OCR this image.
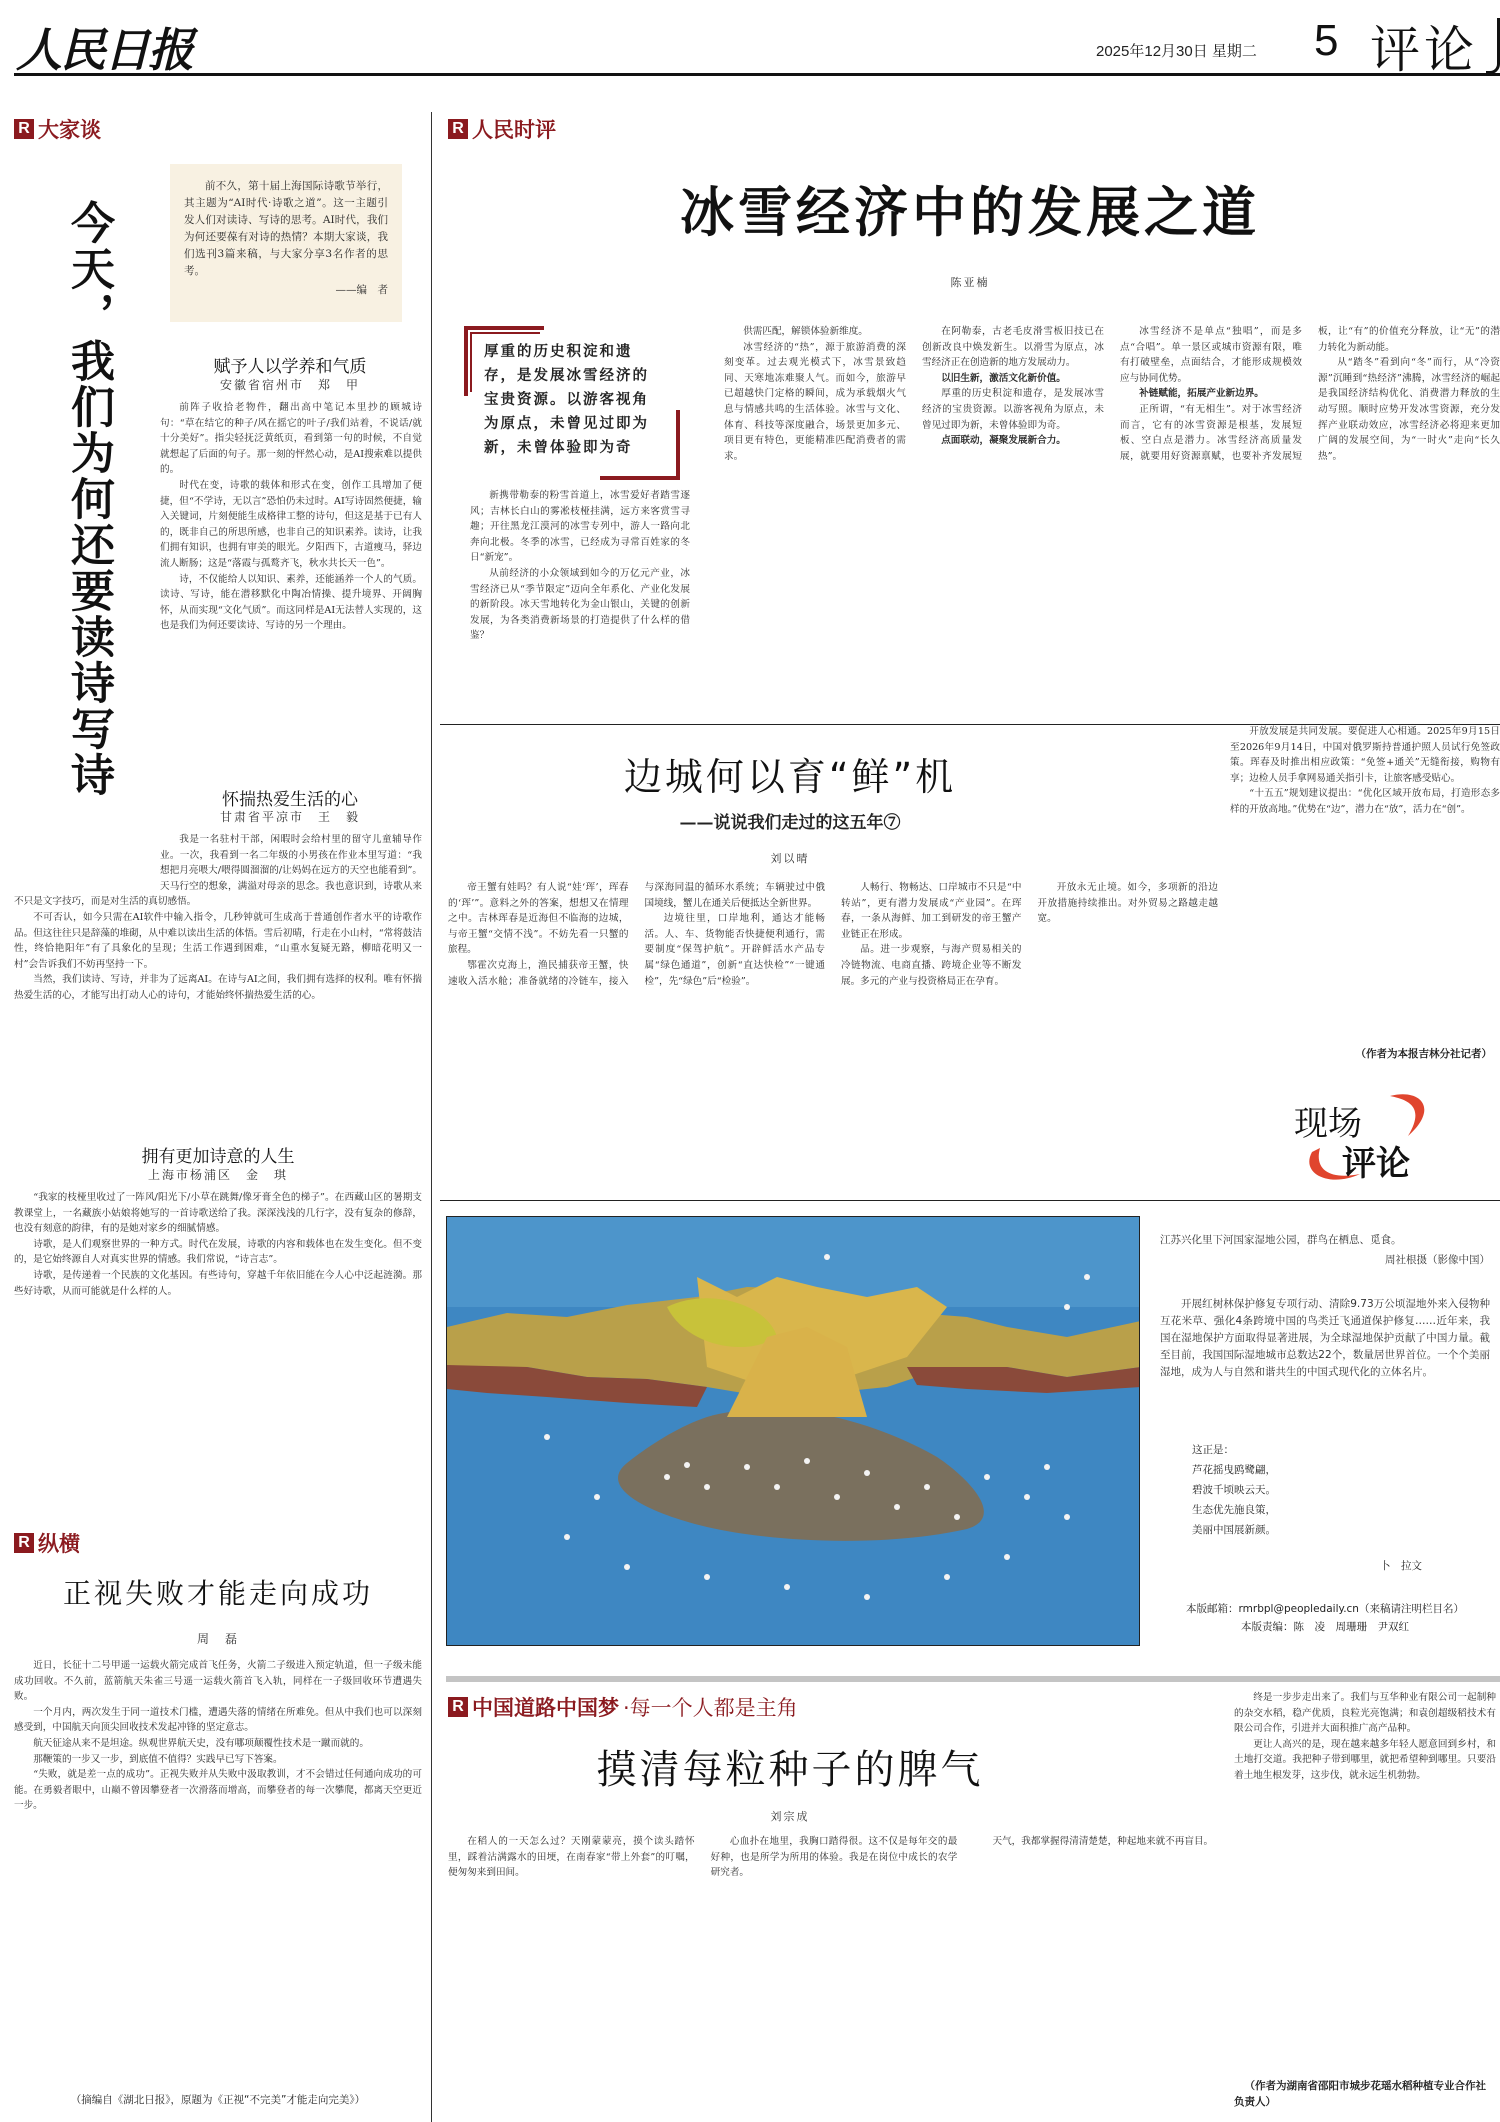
人民日报	2025年12月30日 星期二 5 评论
R 大家谈
今天，我们为何还要读诗写诗

前不久，第十届上海国际诗歌节举行，其主题为“AI时代·诗歌之道”。这一主题引发人们对读诗、写诗的思考。AI时代，我们为何还要葆有对诗的热情？本期大家谈，我们选刊3篇来稿，与大家分享3名作者的思考。

——编　者
赋予人以学养和气质
安徽省宿州市　郑　甲

前阵子收拾老物件，翻出高中笔记本里抄的顾城诗句：“草在结它的种子/风在摇它的叶子/我们站着，不说话/就十分美好”。指尖轻抚泛黄纸页，看到第一句的时候，不自觉就想起了后面的句子。那一刻的怦然心动，是AI搜索难以提供的。

时代在变，诗歌的载体和形式在变，创作工具增加了便捷，但“不学诗，无以言”恐怕仍未过时。AI写诗固然便捷，输入关键词，片刻便能生成格律工整的诗句，但这是基于已有人的，既非自己的所思所感，也非自己的知识素养。读诗，让我们拥有知识，也拥有审美的眼光。夕阳西下，古道瘦马，驿边流人断肠；这是“落霞与孤鹜齐飞，秋水共长天一色”。

诗，不仅能给人以知识、素养，还能涵养一个人的气质。读诗、写诗，能在潜移默化中陶冶情操、提升境界、开阔胸怀，从而实现“文化气质”。而这同样是AI无法替人实现的，这也是我们为何还要读诗、写诗的另一个理由。

怀揣热爱生活的心
甘肃省平凉市　王　毅

我是一名驻村干部，闲暇时会给村里的留守儿童辅导作业。一次，我看到一名二年级的小男孩在作业本里写道：“我想把月亮喂大/喂得圆溜溜的/让妈妈在远方的天空也能看到”。天马行空的想象，满溢对母亲的思念。我也意识到，诗歌从来不只是文字技巧，而是对生活的真切感悟。

不可否认，如今只需在AI软件中输入指令，几秒钟就可生成高于普通创作者水平的诗歌作品。但这往往只是辞藻的堆砌，从中难以读出生活的体悟。雪后初晴，行走在小山村，“常将鼓洁性，终恰艳阳年”有了具象化的呈现；生活工作遇到困难，“山重水复疑无路，柳暗花明又一村”会告诉我们不妨再坚持一下。

当然，我们读诗、写诗，并非为了远离AI。在诗与AI之间，我们拥有选择的权利。唯有怀揣热爱生活的心，才能写出打动人心的诗句，才能始终怀揣热爱生活的心。

拥有更加诗意的人生
上海市杨浦区　金　琪

“我家的枝桠里收过了一阵风/阳光下/小草在跳舞/像牙膏全色的梯子”。在西藏山区的暑期支教课堂上，一名藏族小姑娘将她写的一首诗歌送给了我。深深浅浅的几行字，没有复杂的修辞，也没有刻意的韵律，有的是她对家乡的细腻情感。

诗歌，是人们观察世界的一种方式。时代在发展，诗歌的内容和载体也在发生变化。但不变的，是它始终源自人对真实世界的情感。我们常说，“诗言志”。

诗歌，是传递着一个民族的文化基因。有些诗句，穿越千年依旧能在今人心中泛起涟漪。那些好诗歌，从而可能就是什么样的人。

R 纵横
正视失败才能走向成功
周　磊

近日，长征十二号甲遥一运载火箭完成首飞任务，火箭二子级进入预定轨道，但一子级未能成功回收。不久前，蓝箭航天朱雀三号遥一运载火箭首飞入轨，同样在一子级回收环节遭遇失败。

一个月内，两次发生于同一道技术门槛，遭遇失落的情绪在所难免。但从中我们也可以深刻感受到，中国航天向顶尖回收技术发起冲锋的坚定意志。

航天征途从来不是坦途。纵观世界航天史，没有哪项颠覆性技术是一蹴而就的。

那鞭策的一步又一步，到底值不值得？实践早已写下答案。

“失败，就是差一点的成功”。正视失败并从失败中汲取教训，才不会错过任何通向成功的可能。在勇毅者眼中，山巅不曾因攀登者一次滑落而增高，而攀登者的每一次攀爬，都离天空更近一步。

（摘编自《湖北日报》，原题为《正视“不完美”才能走向完美》）
R 人民时评
冰雪经济中的发展之道
陈亚楠
厚重的历史积淀和遗存，是发展冰雪经济的宝贵资源。以游客视角为原点，未曾见过即为新，未曾体验即为奇

新携带勒泰的粉雪首道上，冰雪爱好者踏雪逐风；吉林长白山的雾凇枝桠挂满，远方来客赏雪寻趣；开往黑龙江漠河的冰雪专列中，游人一路向北奔向北极。冬季的冰雪，已经成为寻常百姓家的冬日“新宠”。

从前经济的小众领域到如今的万亿元产业，冰雪经济已从“季节限定”迈向全年系化、产业化发展的新阶段。冰天雪地转化为金山银山，关键的创新发展，为各类消费新场景的打造提供了什么样的借鉴？

供需匹配，解锁体验新维度。

冰雪经济的“热”，源于旅游消费的深刻变革。过去观光模式下，冰雪景致趋同、天寒地冻难聚人气。而如今，旅游早已超越快门定格的瞬间，成为承载烟火气息与情感共鸣的生活体验。冰雪与文化、体育、科技等深度融合，场景更加多元、项目更有特色，更能精准匹配消费者的需求。

在阿勒泰，古老毛皮滑雪板旧技已在创新改良中焕发新生。以滑雪为原点，冰雪经济正在创造新的地方发展动力。

以旧生新，激活文化新价值。

厚重的历史积淀和遗存，是发展冰雪经济的宝贵资源。以游客视角为原点，未曾见过即为新，未曾体验即为奇。

点面联动，凝聚发展新合力。

冰雪经济不是单点“独唱”，而是多点“合唱”。单一景区或城市资源有限，唯有打破壁垒，点面结合，才能形成规模效应与协同优势。

补链赋能，拓展产业新边界。

正所谓，“有无相生”。对于冰雪经济而言，它有的冰雪资源是根基，发展短板、空白点是潜力。冰雪经济高质量发展，就要用好资源禀赋，也要补齐发展短板，让“有”的价值充分释放，让“无”的潜力转化为新动能。

从“踏冬”看到向“冬”而行，从“冷资源”沉睡到“热经济”沸腾，冰雪经济的崛起是我国经济结构优化、消费潜力释放的生动写照。顺时应势开发冰雪资源，充分发挥产业联动效应，冰雪经济必将迎来更加广阔的发展空间，为“一时火”走向“长久热”。

边城何以育“鲜”机
——说说我们走过的这五年⑦
刘以晴

帝王蟹有娃吗？有人说“娃‘珲’，珲春的‘珲’”。意料之外的答案，想想又在情理之中。吉林珲春是近海但不临海的边城，与帝王蟹“交情不浅”。不妨先看一只蟹的旅程。

鄂霍次克海上，渔民捕获帝王蟹，快速收入活水舱；准备就绪的冷链车，接入与深海同温的循环水系统；车辆驶过中俄国境线，蟹儿在通关后便抵达全新世界。

边境往里，口岸地利，通达才能畅活。人、车、货物能否快捷便利通行，需要制度“保驾护航”。开辟鲜活水产品专属“绿色通道”，创新“直达快检”“一键通检”，先“绿色”后“检验”。

人畅行、物畅达、口岸城市不只是“中转站”，更有潜力发展成“产业园”。在珲春，一条从海鲜、加工到研发的帝王蟹产业链正在形成。

品。进一步观察，与海产贸易相关的冷链物流、电商直播、跨境企业等不断发展。多元的产业与投资格局正在孕育。

开放永无止境。如今，多项新的沿边开放措施持续推出。对外贸易之路越走越宽。

开放发展是共同发展。要促进人心相通。2025年9月15日至2026年9月14日，中国对俄罗斯持普通护照人员试行免签政策。珲春及时推出相应政策：“免签+通关”无缝衔接，购物有享；边检人员手拿网易通关指引卡，让旅客感受贴心。

“十五五”规划建议提出：“优化区域开放布局，打造形态多样的开放高地。”优势在“边”，潜力在“放”，活力在“创”。

（作者为本报吉林分社记者）
现场
评论
江苏兴化里下河国家湿地公园，群鸟在栖息、觅食。
周社根摄（影像中国）
开展红树林保护修复专项行动、清除9.73万公顷湿地外来入侵物种互花米草、强化4条跨境中国的鸟类迁飞通道保护修复……近年来，我国在湿地保护方面取得显著进展，为全球湿地保护贡献了中国力量。截至目前，我国国际湿地城市总数达22个，数量居世界首位。一个个美丽湿地，成为人与自然和谐共生的中国式现代化的立体名片。
这正是：
芦花摇曳鸥鹭翩，
碧波千顷映云天。
生态优先施良策，
美丽中国展新颜。
卜　拉文
本版邮箱：rmrbpl@peopledaily.cn（来稿请注明栏目名）
本版责编：陈　凌　周珊珊　尹双红
R 中国道路中国梦 ·每一个人都是主角
摸清每粒种子的脾气
刘宗成

在稻人的一天怎么过？天刚蒙蒙亮，摸个读头踏怀里，踩着沾满露水的田埂，在南春家“带上外套”的叮嘱，便匆匆来到田间。

心血扑在地里，我胸口踏得很。这不仅是每年交的最好种，也是所学为所用的体验。我是在岗位中成长的农学研究者。

天气，我都掌握得清清楚楚，种起地来就不再盲目。

终是一步步走出来了。我们与互华种业有限公司一起制种的杂交水稻，稳产优质，良粒光亮饱满；和袁创超级稻技术有限公司合作，引进并大面积推广高产品种。

更让人高兴的是，现在越来越多年轻人愿意回到乡村，和土地打交道。我把种子带到哪里，就把希望种到哪里。只要沿着土地生根发芽，这步伐，就永远生机勃勃。

（作者为湖南省邵阳市城步花瑶水稻种植专业合作社负责人）
